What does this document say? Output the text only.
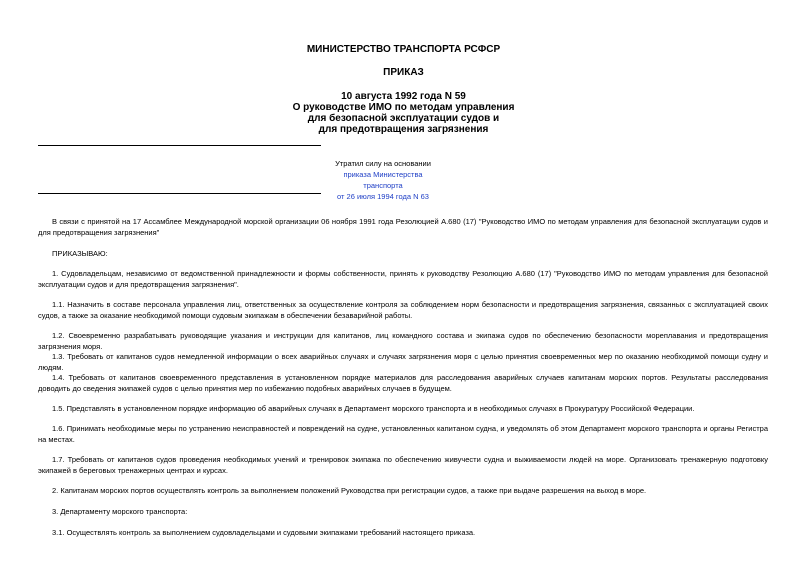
МИНИСТЕРСТВО ТРАНСПОРТА РСФСР
ПРИКАЗ
10 августа 1992 года N 59
О руководстве ИМО по методам управления
для безопасной эксплуатации судов и
для предотвращения загрязнения
Утратил силу на основании
приказа Министерства транспорта
от 26 июля 1994 года N 63
В связи с принятой на 17 Ассамблее Международной морской организации 06 ноября 1991 года Резолюцией А.680 (17) "Руководство ИМО по методам управления для безопасной эксплуатации судов и для предотвращения загрязнения"
ПРИКАЗЫВАЮ:
1. Судовладельцам, независимо от ведомственной принадлежности и формы собственности, принять к руководству Резолюцию А.680 (17) "Руководство ИМО по методам управления для безопасной эксплуатации судов и для предотвращения загрязнения".
1.1. Назначить в составе персонала управления лиц, ответственных за осуществление контроля за соблюдением норм безопасности и предотвращения загрязнения, связанных с эксплуатацией своих судов, а также за оказание необходимой помощи судовым экипажам в обеспечении безаварийной работы.
1.2. Своевременно разрабатывать руководящие указания и инструкции для капитанов, лиц командного состава и экипажа судов по обеспечению безопасности мореплавания и предотвращения загрязнения моря.
1.3. Требовать от капитанов судов немедленной информации о всех аварийных случаях и случаях загрязнения моря с целью принятия своевременных мер по оказанию необходимой помощи судну и людям.
1.4. Требовать от капитанов своевременного представления в установленном порядке материалов для расследования аварийных случаев капитанам морских портов. Результаты расследования доводить до сведения экипажей судов с целью принятия мер по избежанию подобных аварийных случаев в будущем.
1.5. Представлять в установленном порядке информацию об аварийных случаях в Департамент морского транспорта и в необходимых случаях в Прокуратуру Российской Федерации.
1.6. Принимать необходимые меры по устранению неисправностей и повреждений на судне, установленных капитаном судна, и уведомлять об этом Департамент морского транспорта и органы Регистра на местах.
1.7. Требовать от капитанов судов проведения необходимых учений и тренировок экипажа по обеспечению живучести судна и выживаемости людей на море. Организовать тренажерную подготовку экипажей в береговых тренажерных центрах и курсах.
2. Капитанам морских портов осуществлять контроль за выполнением положений Руководства при регистрации судов, а также при выдаче разрешения на выход в море.
3. Департаменту морского транспорта:
3.1. Осуществлять контроль за выполнением судовладельцами и судовыми экипажами требований настоящего приказа.
